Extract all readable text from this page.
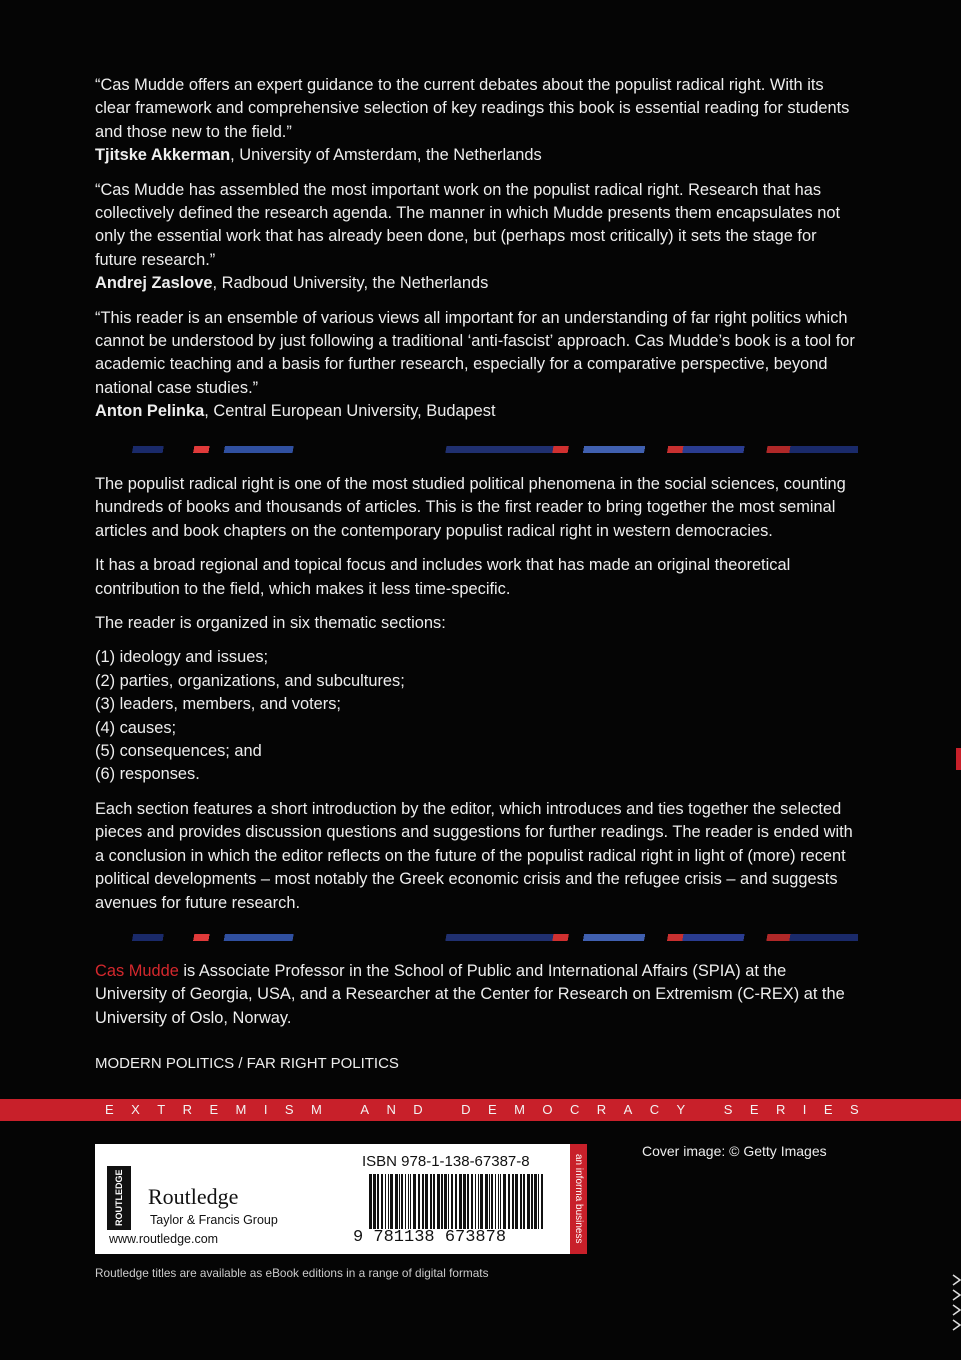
“Cas Mudde offers an expert guidance to the current debates about the populist radical right. With its clear framework and comprehensive selection of key readings this book is essential reading for students and those new to the field.”
Tjitske Akkerman, University of Amsterdam, the Netherlands

“Cas Mudde has assembled the most important work on the populist radical right. Research that has collectively defined the research agenda. The manner in which Mudde presents them encapsulates not only the essential work that has already been done, but (perhaps most critically) it sets the stage for future research.”
Andrej Zaslove, Radboud University, the Netherlands

“This reader is an ensemble of various views all important for an understanding of far right politics which cannot be understood by just following a traditional ‘anti-fascist’ approach. Cas Mudde’s book is a tool for academic teaching and a basis for further research, especially for a comparative perspective, beyond national case studies.”
Anton Pelinka, Central European University, Budapest

The populist radical right is one of the most studied political phenomena in the social sciences, counting hundreds of books and thousands of articles. This is the first reader to bring together the most seminal articles and book chapters on the contemporary populist radical right in western democracies.

It has a broad regional and topical focus and includes work that has made an original theoretical contribution to the field, which makes it less time-specific.

The reader is organized in six thematic sections:

(1) ideology and issues;
(2) parties, organizations, and subcultures;
(3) leaders, members, and voters;
(4) causes;
(5) consequences; and
(6) responses.

Each section features a short introduction by the editor, which introduces and ties together the selected pieces and provides discussion questions and suggestions for further readings. The reader is ended with a conclusion in which the editor reflects on the future of the populist radical right in light of (more) recent political developments – most notably the Greek economic crisis and the refugee crisis – and suggests avenues for future research.

Cas Mudde is Associate Professor in the School of Public and International Affairs (SPIA) at the University of Georgia, USA, and a Researcher at the Center for Research on Extremism (C-REX) at the University of Oslo, Norway.

MODERN POLITICS / FAR RIGHT POLITICS
E X T R E M I S M
	A N D
	D E M O C R A C Y
	S E R I E S
ROUTLEDGE	Routledge
Taylor & Francis Group
www.routledge.com
ISBN 978-1-138-67387-8
9 781138 673878	an informa business
Cover image: © Getty Images
Routledge titles are available as eBook editions in a range of digital formats
